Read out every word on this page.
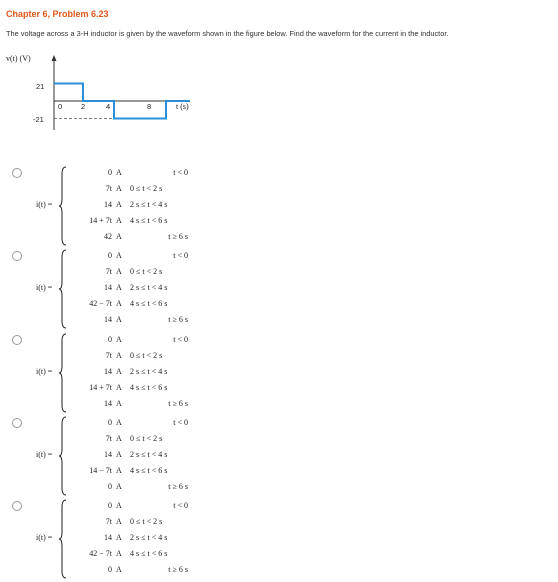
Chapter 6, Problem 6.23
The voltage across a 3-H inductor is given by the waveform shown in the figure below. Find the waveform for the current in the inductor.
v(t) (V)
21
-21
0	2	4	8	t (s)
i(t) =
0 A	t < 0
7t A 0 ≤ t < 2 s
14 A 2 s ≤ t < 4 s
14 + 7t A 4 s ≤ t < 6 s
42 A	t ≥ 6 s
i(t) =
0 A	t < 0
7t A 0 ≤ t < 2 s
14 A 2 s ≤ t < 4 s
42 − 7t A 4 s ≤ t < 6 s
14 A	t ≥ 6 s
i(t) =
0 A	t < 0
7t A 0 ≤ t < 2 s
14 A 2 s ≤ t < 4 s
14 + 7t A 4 s ≤ t < 6 s
14 A	t ≥ 6 s
i(t) =
0 A	t < 0
7t A 0 ≤ t < 2 s
14 A 2 s ≤ t < 4 s
14 − 7t A 4 s ≤ t < 6 s
0 A	t ≥ 6 s
i(t) =
0 A	t < 0
7t A 0 ≤ t < 2 s
14 A 2 s ≤ t < 4 s
42 − 7t A 4 s ≤ t < 6 s
0 A	t ≥ 6 s
